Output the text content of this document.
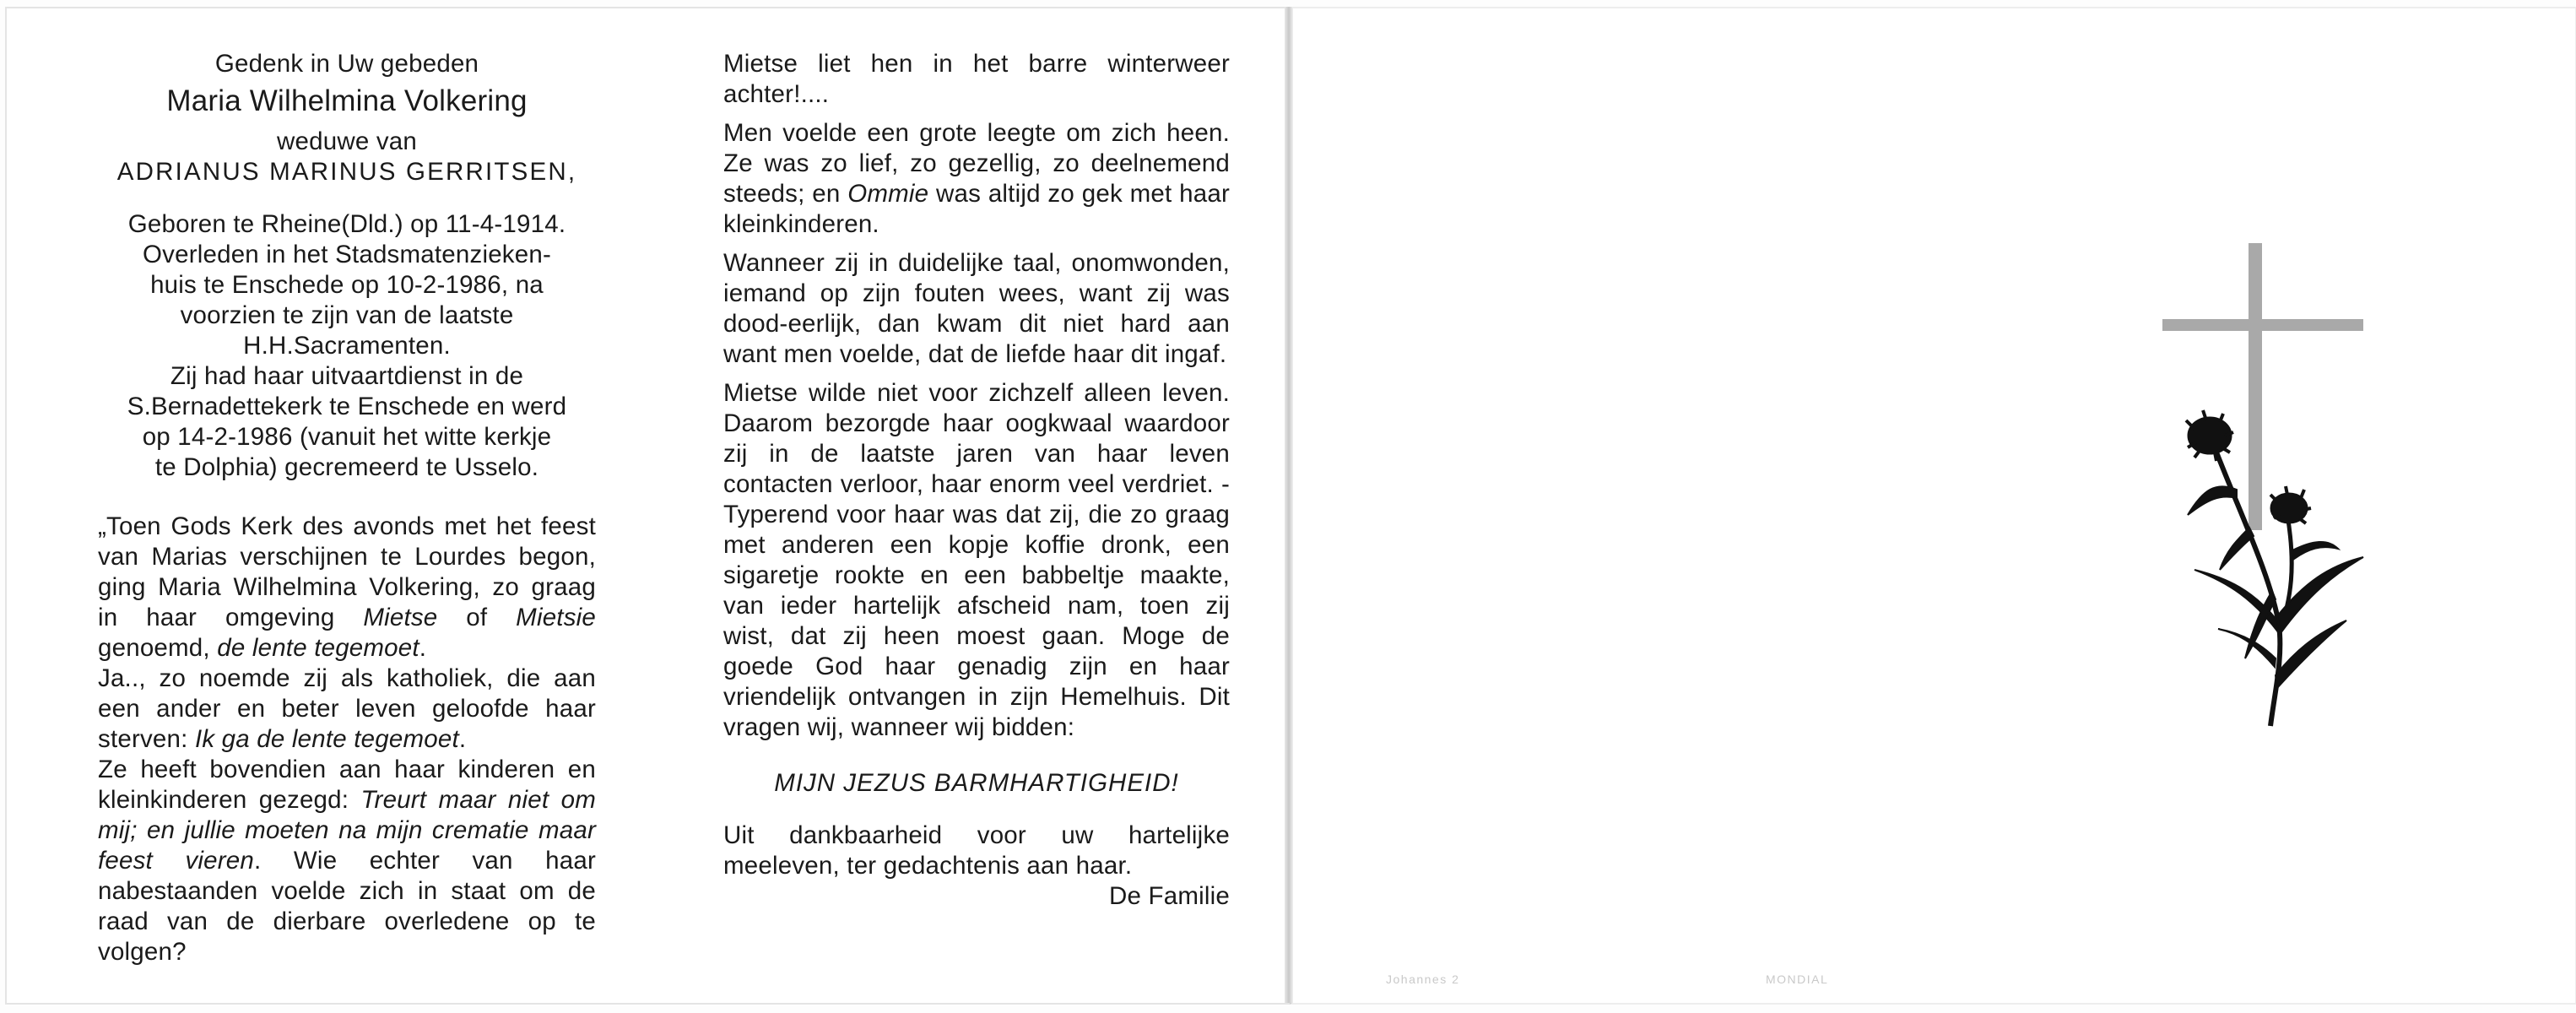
Gedenk in Uw gebeden
Maria Wilhelmina Volkering
weduwe van
ADRIANUS MARINUS GERRITSEN,
Geboren te Rheine(Dld.) op 11-4-1914.
Overleden in het Stadsmatenzieken-
huis te Enschede op 10-2-1986, na
voorzien te zijn van de laatste
H.H.Sacramenten.
Zij had haar uitvaartdienst in de
S.Bernadettekerk te Enschede en werd
op 14-2-1986 (vanuit het witte kerkje
te Dolphia) gecremeerd te Usselo.

„Toen Gods Kerk des avonds met het feest van Marias verschijnen te Lourdes begon, ging Maria Wilhelmina Volkering, zo graag in haar omgeving Mietse of Mietsie genoemd, de lente tegemoet.

Ja.., zo noemde zij als katholiek, die aan een ander en beter leven geloofde haar sterven: Ik ga de lente tegemoet.
Ze heeft bovendien aan haar kinderen en kleinkinderen gezegd: Treurt maar niet om mij; en jullie moeten na mijn crematie maar feest vieren. Wie echter van haar nabestaanden voelde zich in staat om de raad van de dierbare overledene op te volgen?

Mietse liet hen in het barre winterweer achter!....

Men voelde een grote leegte om zich heen. Ze was zo lief, zo gezellig, zo deelnemend steeds; en Ommie was altijd zo gek met haar kleinkinderen.

Wanneer zij in duidelijke taal, onomwonden, iemand op zijn fouten wees, want zij was dood-eerlijk, dan kwam dit niet hard aan want men voelde, dat de liefde haar dit ingaf.

Mietse wilde niet voor zichzelf alleen leven. Daarom bezorgde haar oogkwaal waardoor zij in de laatste jaren van haar leven contacten verloor, haar enorm veel verdriet. - Typerend voor haar was dat zij, die zo graag met anderen een kopje koffie dronk, een sigaretje rookte en een babbeltje maakte, van ieder hartelijk afscheid nam, toen zij wist, dat zij heen moest gaan. Moge de goede God haar genadig zijn en haar vriendelijk ontvangen in zijn Hemelhuis. Dit vragen wij, wanneer wij bidden:

MIJN JEZUS BARMHARTIGHEID!

Uit dankbaarheid voor uw hartelijke meeleven, ter gedachtenis aan haar.

De Familie
Johannes 2	MONDIAL
